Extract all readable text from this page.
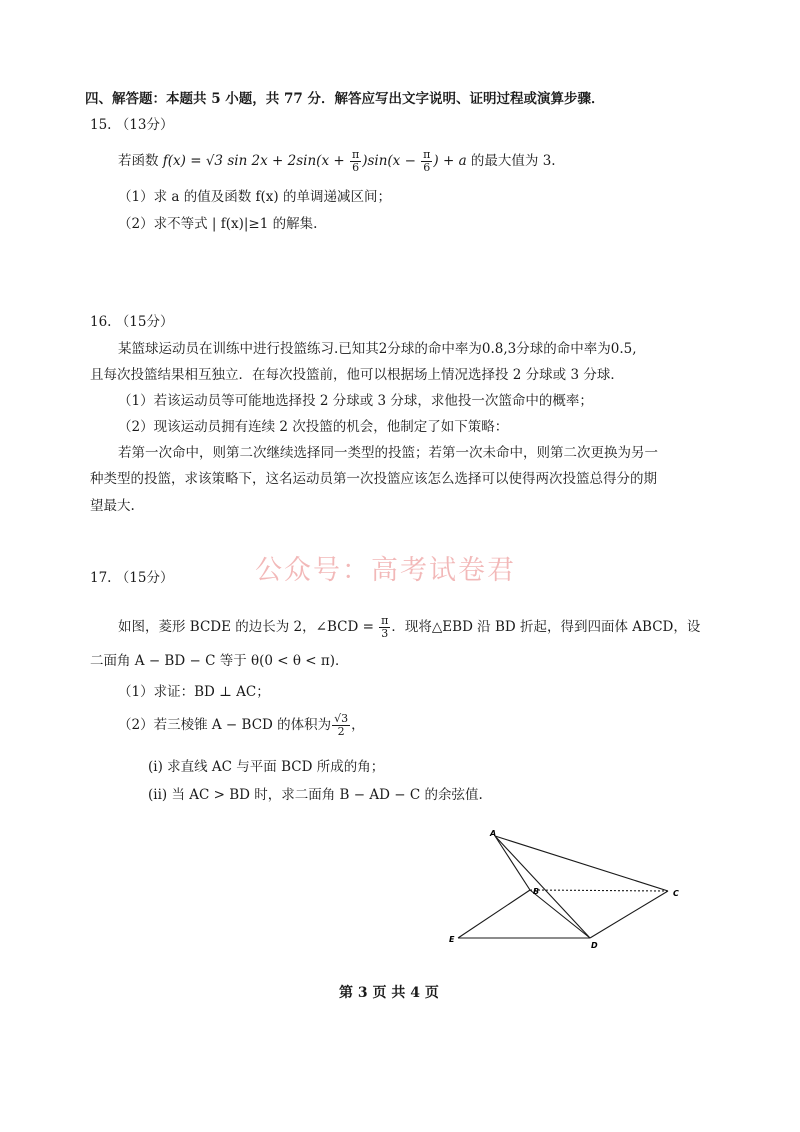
四、解答题：本题共 5 小题，共 77 分．解答应写出文字说明、证明过程或演算步骤．
15. （13分）
若函数 f(x) = √3 $\sin 2x + 2\sin(x + \frac{\pi}{6} )\sin(x - \frac{\pi}{6}$ ) + a 的最大值为 3.
（1）求 a 的值及函数 f(x) 的单调递减区间；
（2）求不等式 | f(x)|≥1 的解集.
16. （15分）
某篮球运动员在训练中进行投篮练习.已知其2分球的命中率为0.8,3分球的命中率为0.5,
且每次投篮结果相互独立．在每次投篮前，他可以根据场上情况选择投 2 分球或 3 分球．
（1）若该运动员等可能地选择投 2 分球或 3 分球，求他投一次篮命中的概率；
（2）现该运动员拥有连续 2 次投篮的机会，他制定了如下策略：
若第一次命中，则第二次继续选择同一类型的投篮；若第一次未命中，则第二次更换为另一
种类型的投篮，求该策略下，这名运动员第一次投篮应该怎么选择可以使得两次投篮总得分的期
望最大.
公众号：高考试卷君
17. （15分）
如图，菱形 BCDE 的边长为 2，∠BCD = $\frac{\pi}{3}$ ．现将△EBD 沿 BD 折起，得到四面体 ABCD，设
二面角 A − BD − C 等于 θ(0 < θ < π)．
（1）求证：BD ⊥ AC；
（2）若三棱锥 A − BCD 的体积为 $\frac{√3}{2}$ ，
(i) 求直线 AC 与平面 BCD 所成的角；
(ii) 当 AC > BD 时，求二面角 B − AD − C 的余弦值.
A
B	C
D
E
第 3 页 共 4 页
